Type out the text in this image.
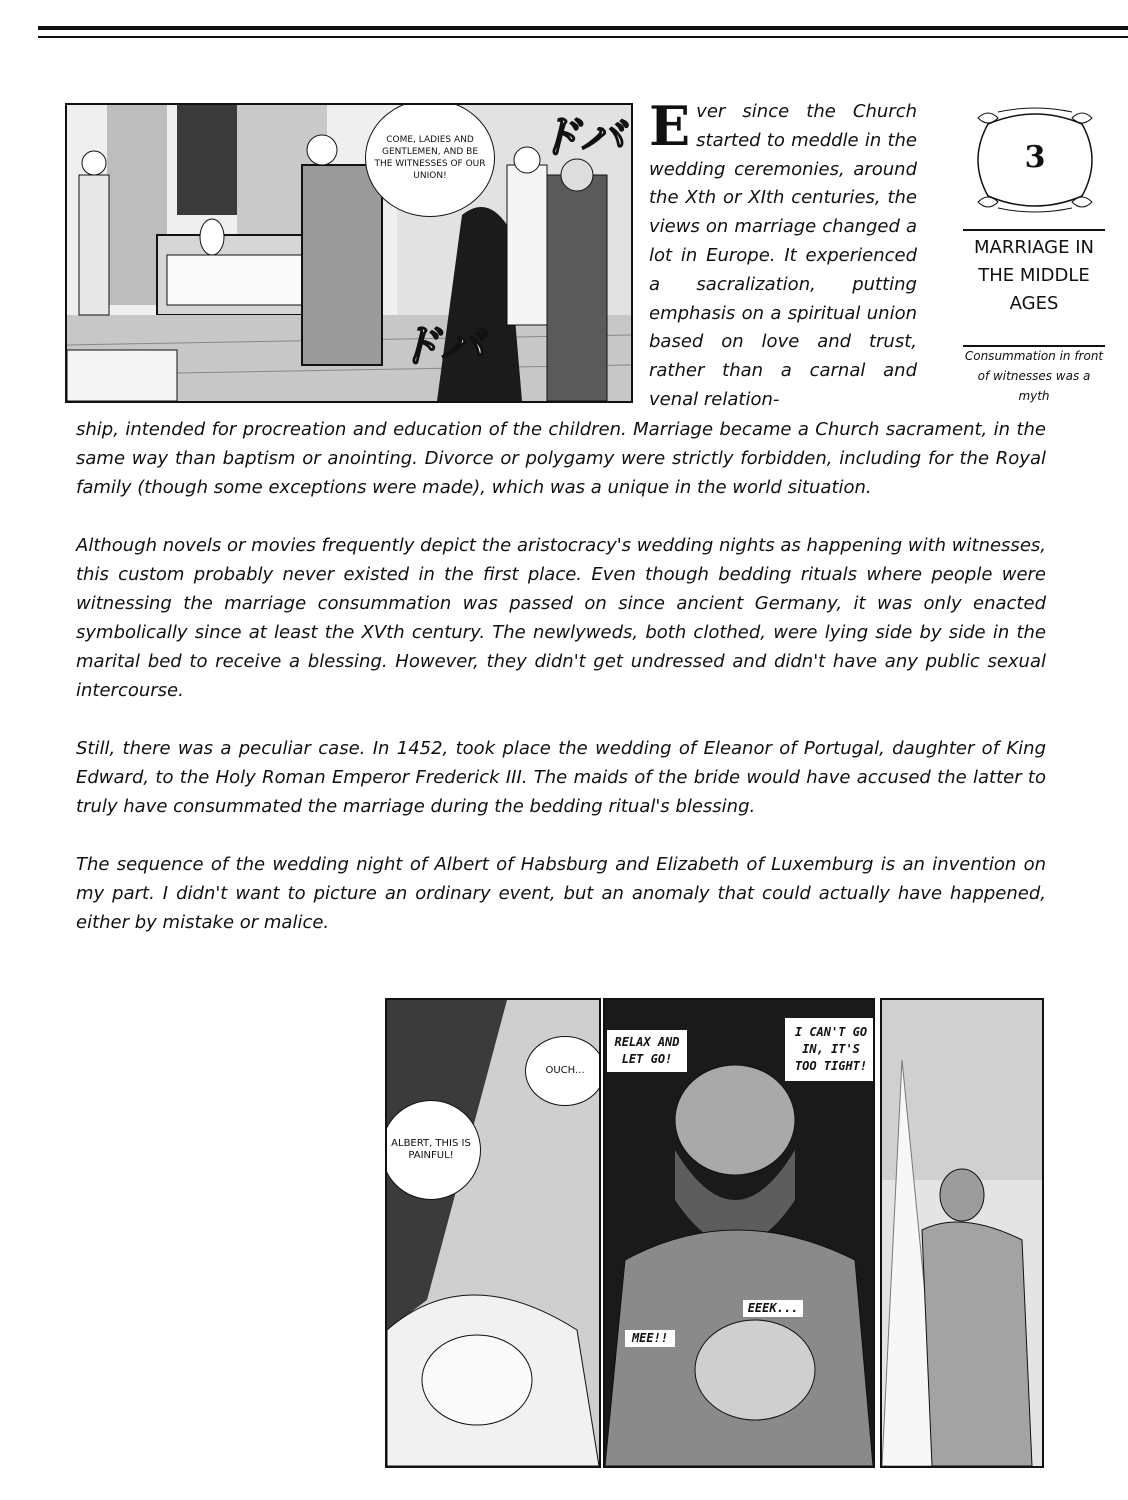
COME, LADIES AND GENTLEMEN, AND BE THE WITNESSES OF OUR UNION!
ドバ
ドバ
E ver since the Church started to meddle in the wedding ceremonies, around the Xth or XIth centuries, the views on marriage changed a lot in Europe. It experienced a sacralization, putting emphasis on a spiritual union based on love and trust, rather than a carnal and venal relation-
3
MARRIAGE IN THE MIDDLE AGES
Consummation in front of witnesses was a myth

ship, intended for procreation and education of the children. Marriage became a Church sacrament, in the same way than baptism or anointing. Divorce or polygamy were strictly forbidden, including for the Royal family (though some exceptions were made), which was a unique in the world situation.

Although novels or movies frequently depict the aristocracy's wedding nights as happening with witnesses, this custom probably never existed in the first place. Even though bedding rituals where people were witnessing the marriage consummation was passed on since ancient Germany, it was only enacted symbolically since at least the XVth century. The newlyweds, both clothed, were lying side by side in the marital bed to receive a blessing. However, they didn't get undressed and didn't have any public sexual intercourse.

Still, there was a peculiar case. In 1452, took place the wedding of Eleanor of Portugal, daughter of King Edward, to the Holy Roman Emperor Frederick III. The maids of the bride would have accused the latter to truly have consummated the marriage during the bedding ritual's blessing.

The sequence of the wedding night of Albert of Habsburg and Elizabeth of Luxemburg is an invention on my part. I didn't want to picture an ordinary event, but an anomaly that could actually have happened, either by mistake or malice.

OUCH...
ALBERT, THIS IS PAINFUL!
RELAX AND LET GO!
I CAN'T GO IN, IT'S TOO TIGHT!
EEEK...
MEE!!
